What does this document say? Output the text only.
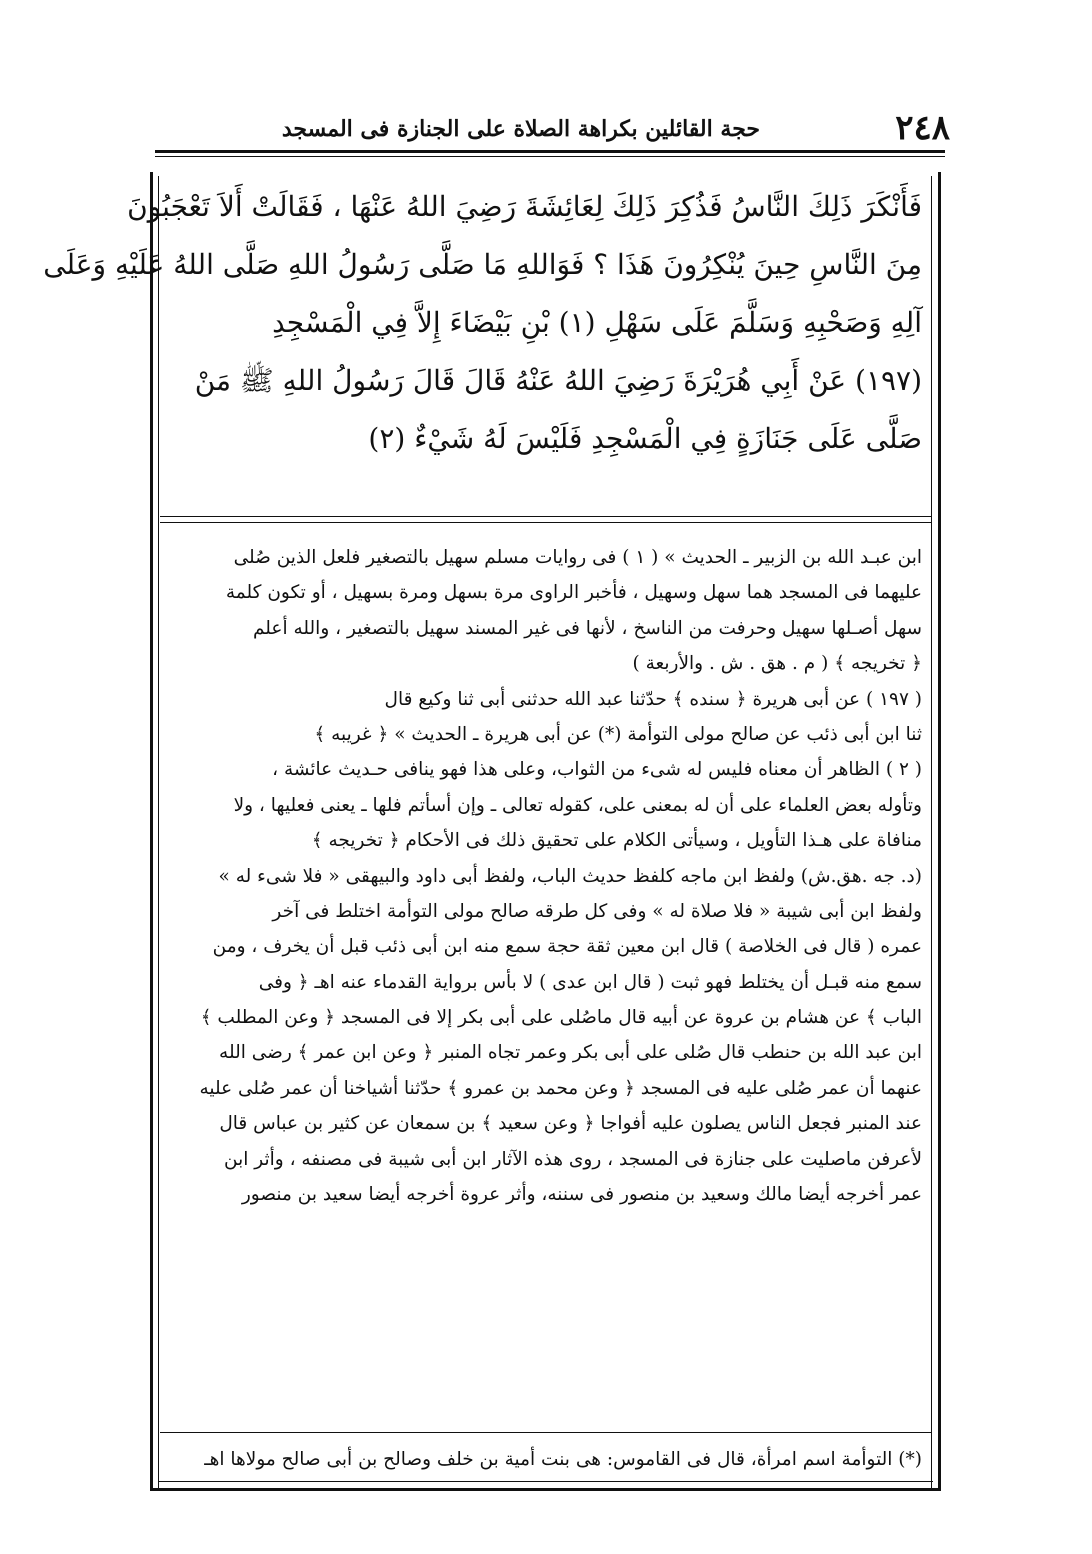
٢٤٨
حجة القائلين بكراهة الصلاة على الجنازة فى المسجد
فَأَنْكَرَ ذَلِكَ النَّاسُ فَذُكِرَ ذَلِكَ لِعَائِشَةَ رَضِيَ اللهُ عَنْهَا ، فَقَالَتْ أَلاَ تَعْجَبُونَ
مِنَ النَّاسِ حِينَ يُنْكِرُونَ هَذَا ؟ فَوَاللهِ مَا صَلَّى رَسُولُ اللهِ صَلَّى اللهُ عَلَيْهِ وَعَلَى
آلِهِ وَصَحْبِهِ وَسَلَّمَ عَلَى سَهْلِ (١) بْنِ بَيْضَاءَ إِلاَّ فِي الْمَسْجِدِ
(١٩٧) عَنْ أَبِي هُرَيْرَةَ رَضِيَ اللهُ عَنْهُ قَالَ قَالَ رَسُولُ اللهِ ﷺ مَنْ
صَلَّى عَلَى جَنَازَةٍ فِي الْمَسْجِدِ فَلَيْسَ لَهُ شَيْءٌ (٢)
ابن عبـد الله بن الزبير ـ الحديث » ( ١ ) فى روايات مسلم سهيل بالتصغير فلعل الذين صُلى
عليهما فى المسجد هما سهل وسهيل ، فأخبر الراوى مرة بسهل ومرة بسهيل ، أو تكون كلمة
سهل أصـلها سهيل وحرفت من الناسخ ، لأنها فى غير المسند سهيل بالتصغير ، والله أعلم
﴿ تخريجه ﴾ ( م . هق . ش . والأربعة )
( ١٩٧ ) عن أبى هريرة ﴿ سنده ﴾ حدّثنا عبد الله حدثنى أبى ثنا وكيع قال
ثنا ابن أبى ذئب عن صالح مولى التوأمة (*) عن أبى هريرة ـ الحديث » ﴿ غريبه ﴾
( ٢ ) الظاهر أن معناه فليس له شىء من الثواب، وعلى هذا فهو ينافى حـديث عائشة ،
وتأوله بعض العلماء على أن له بمعنى على، كقوله تعالى ـ وإن أسأتم فلها ـ يعنى فعليها ، ولا
منافاة على هـذا التأويل ، وسيأتى الكلام على تحقيق ذلك فى الأحكام ﴿ تخريجه ﴾
(د. جه .هق.ش) ولفظ ابن ماجه كلفظ حديث الباب، ولفظ أبى داود والبيهقى « فلا شىء له »
ولفظ ابن أبى شيبة « فلا صلاة له » وفى كل طرقه صالح مولى التوأمة اختلط فى آخر
عمره ( قال فى الخلاصة ) قال ابن معين ثقة حجة سمع منه ابن أبى ذئب قبل أن يخرف ، ومن
سمع منه قبـل أن يختلط فهو ثبت ( قال ابن عدى ) لا بأس برواية القدماء عنه اهـ ﴿ وفى
الباب ﴾ عن هشام بن عروة عن أبيه قال ماصُلى على أبى بكر إلا فى المسجد ﴿ وعن المطلب ﴾
ابن عبد الله بن حنطب قال صُلى على أبى بكر وعمر تجاه المنبر ﴿ وعن ابن عمر ﴾ رضى الله
عنهما أن عمر صُلى عليه فى المسجد ﴿ وعن محمد بن عمرو ﴾ حدّثنا أشياخنا أن عمر صُلى عليه
عند المنبر فجعل الناس يصلون عليه أفواجا ﴿ وعن سعيد ﴾ بن سمعان عن كثير بن عباس قال
لأعرفن ماصليت على جنازة فى المسجد ، روى هذه الآثار ابن أبى شيبة فى مصنفه ، وأثر ابن
عمر أخرجه أيضا مالك وسعيد بن منصور فى سننه، وأثر عروة أخرجه أيضا سعيد بن منصور
(*) التوأمة اسم امرأة، قال فى القاموس: هى بنت أمية بن خلف وصالح بن أبى صالح مولاها اهـ
